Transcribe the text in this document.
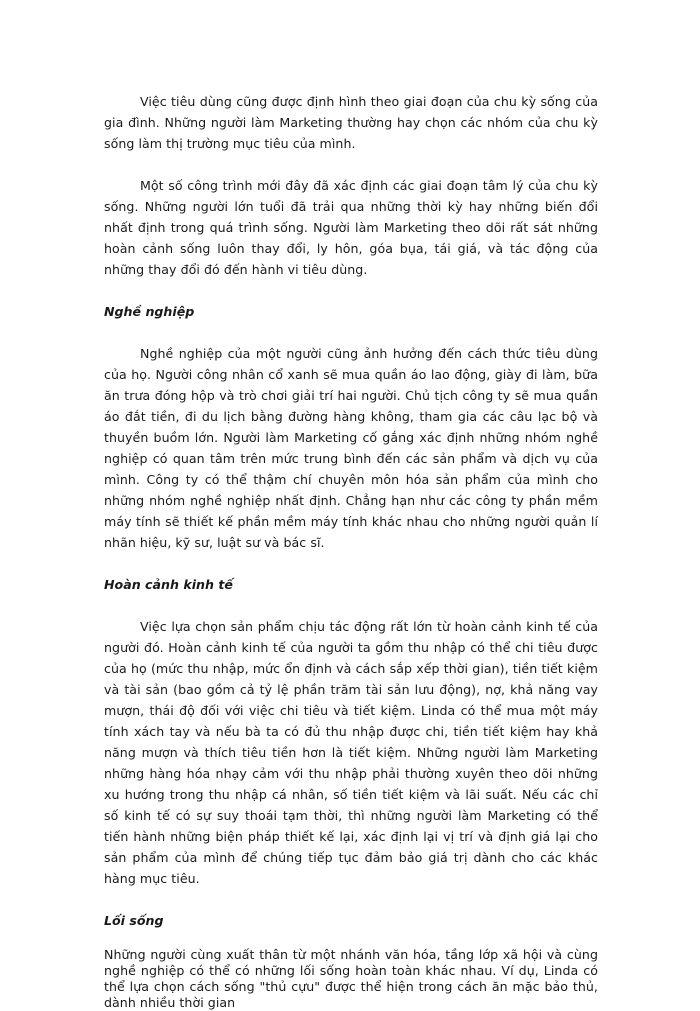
Việc tiêu dùng cũng được định hình theo giai đoạn của chu kỳ sống của gia đình. Những người làm Marketing thường hay chọn các nhóm của chu kỳ sống làm thị trường mục tiêu của mình.

Một số công trình mới đây đã xác định các giai đoạn tâm lý của chu kỳ sống. Những người lớn tuổi đã trải qua những thời kỳ hay những biến đổi nhất định trong quá trình sống. Người làm Marketing theo dõi rất sát những hoàn cảnh sống luôn thay đổi, ly hôn, góa bụa, tái giá, và tác động của những thay đổi đó đến hành vi tiêu dùng.

Nghề nghiệp

Nghề nghiệp của một người cũng ảnh hưởng đến cách thức tiêu dùng của họ. Người công nhân cổ xanh sẽ mua quần áo lao động, giày đi làm, bữa ăn trưa đóng hộp và trò chơi giải trí hai người. Chủ tịch công ty sẽ mua quần áo đắt tiền, đi du lịch bằng đường hàng không, tham gia các câu lạc bộ và thuyền buồm lớn. Người làm Marketing cố gắng xác định những nhóm nghề nghiệp có quan tâm trên mức trung bình đến các sản phẩm và dịch vụ của mình. Công ty có thể thậm chí chuyên môn hóa sản phẩm của mình cho những nhóm nghề nghiệp nhất định. Chẳng hạn như các công ty phần mềm máy tính sẽ thiết kế phần mềm máy tính khác nhau cho những người quản lí nhãn hiệu, kỹ sư, luật sư và bác sĩ.

Hoàn cảnh kinh tế

Việc lựa chọn sản phẩm chịu tác động rất lớn từ hoàn cảnh kinh tế của người đó. Hoàn cảnh kinh tế của người ta gồm thu nhập có thể chi tiêu được của họ (mức thu nhập, mức ổn định và cách sắp xếp thời gian), tiền tiết kiệm và tài sản (bao gồm cả tỷ lệ phần trăm tài sản lưu động), nợ, khả năng vay mượn, thái độ đối với việc chi tiêu và tiết kiệm. Linda có thể mua một máy tính xách tay và nếu bà ta có đủ thu nhập được chi, tiền tiết kiệm hay khả năng mượn và thích tiêu tiền hơn là tiết kiệm. Những người làm Marketing những hàng hóa nhạy cảm với thu nhập phải thường xuyên theo dõi những xu hướng trong thu nhập cá nhân, số tiền tiết kiệm và lãi suất. Nếu các chỉ số kinh tế có sự suy thoái tạm thời, thì những người làm Marketing có thể tiến hành những biện pháp thiết kế lại, xác định lại vị trí và định giá lại cho sản phẩm của mình để chúng tiếp tục đảm bảo giá trị dành cho các khác hàng mục tiêu.

Lối sống

Những người cùng xuất thân từ một nhánh văn hóa, tầng lớp xã hội và cùng nghề nghiệp có thể có những lối sống hoàn toàn khác nhau. Ví dụ, Linda có thể lựa chọn cách sống "thủ cựu" được thể hiện trong cách ăn mặc bảo thủ, dành nhiều thời gian
